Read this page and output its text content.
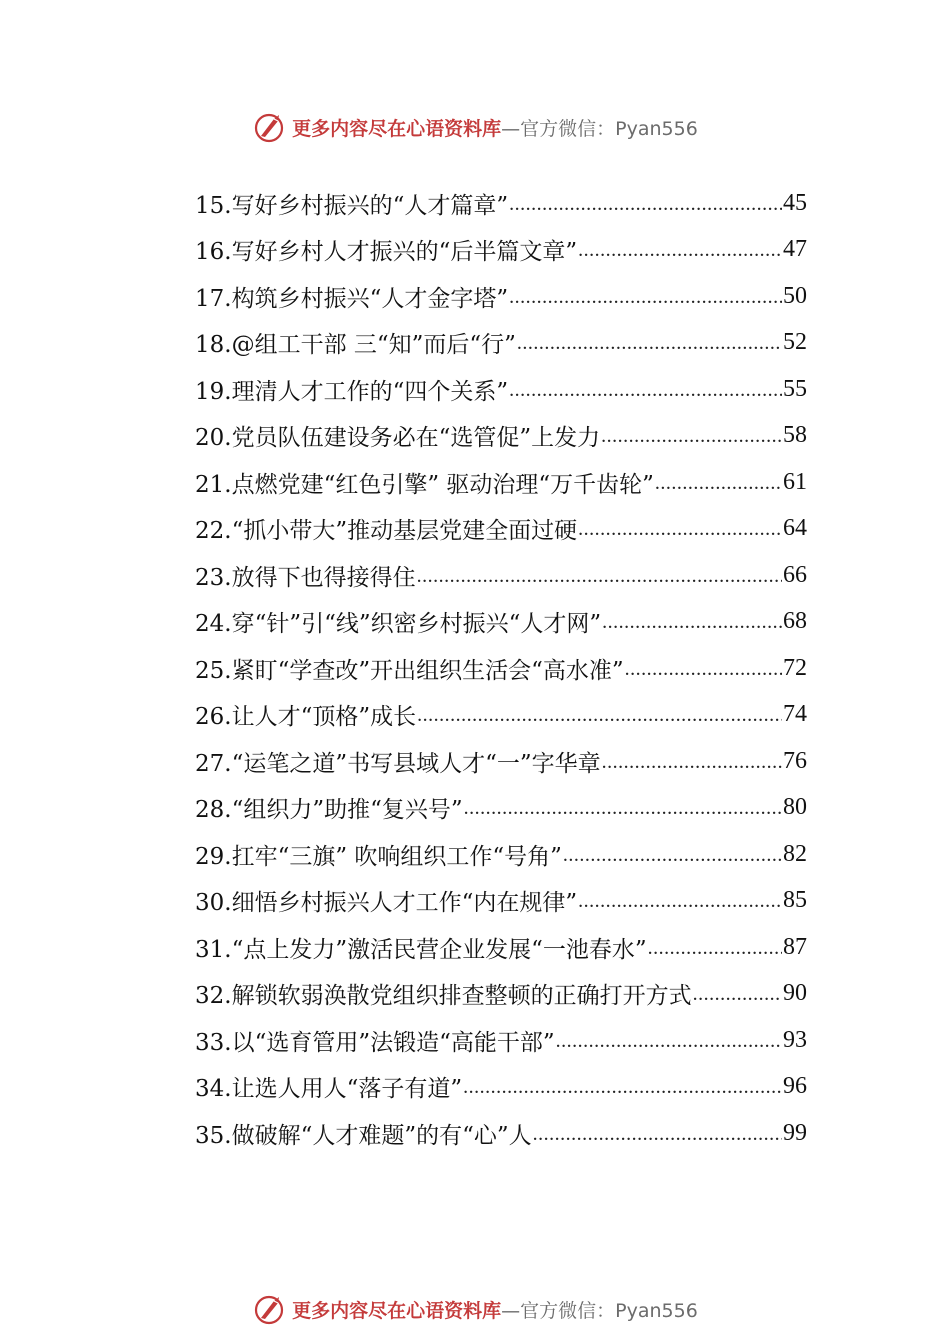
更多内容尽在心语资料库 —官方微信：Pyan556
15.写好乡村振兴的“人才篇章” .....	45
16.写好乡村人才振兴的“后半篇文章” .....	47
17.构筑乡村振兴“人才金字塔” .....	50
18.@组工干部 三“知”而后“行” .....	52
19.理清人才工作的“四个关系” .....	55
20.党员队伍建设务必在“选管促”上发力 .....	58
21.点燃党建“红色引擎” 驱动治理“万千齿轮” .....	61
22.“抓小带大”推动基层党建全面过硬 .....	64
23.放得下也得接得住 .....	66
24.穿“针”引“线”织密乡村振兴“人才网” .....	68
25.紧盯“学查改”开出组织生活会“高水准” .....	72
26.让人才“顶格”成长 .....	74
27.“运笔之道”书写县域人才“一”字华章 .....	76
28.“组织力”助推“复兴号” .....	80
29.扛牢“三旗” 吹响组织工作“号角” .....	82
30.细悟乡村振兴人才工作“内在规律” .....	85
31.“点上发力”激活民营企业发展“一池春水” .....	87
32.解锁软弱涣散党组织排查整顿的正确打开方式 .....	90
33.以“选育管用”法锻造“高能干部” .....	93
34.让选人用人“落子有道” .....	96
35.做破解“人才难题”的有“心”人 .....	99
更多内容尽在心语资料库 —官方微信：Pyan556
